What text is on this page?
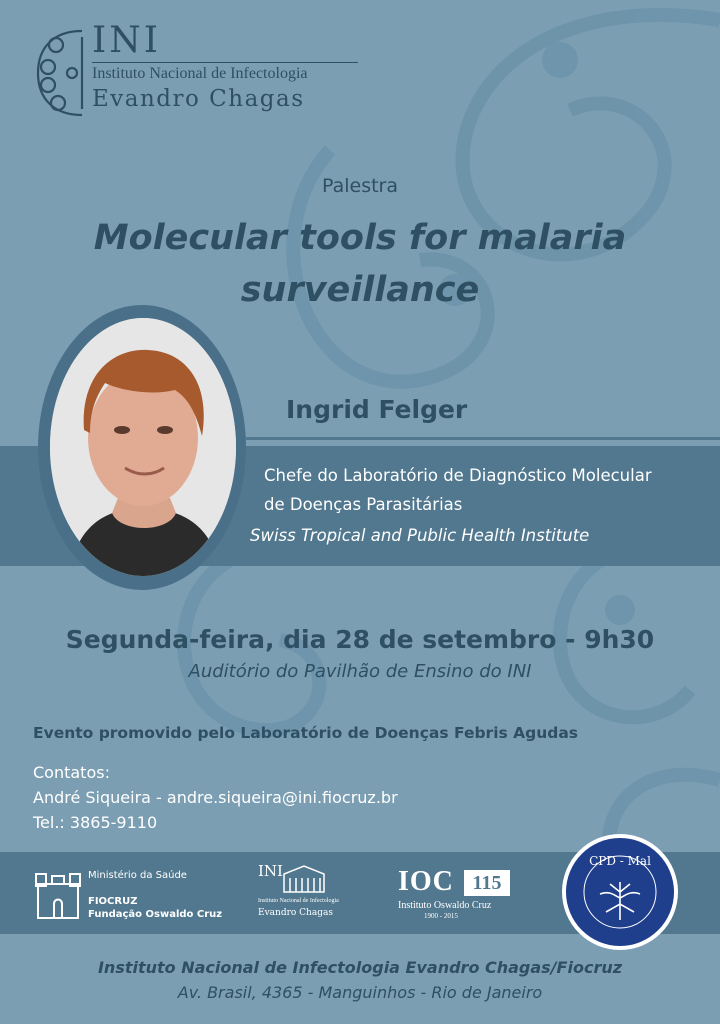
INI
Instituto Nacional de Infectologia
Evandro Chagas
Palestra
Molecular tools for malaria
surveillance
Ingrid Felger
Chefe do Laboratório de Diagnóstico Molecular
de Doenças Parasitárias
Swiss Tropical and Public Health Institute
Segunda-feira, dia 28 de setembro - 9h30
Auditório do Pavilhão de Ensino do INI
Evento promovido pelo Laboratório de Doenças Febris Agudas
Contatos:
André Siqueira - andre.siqueira@ini.fiocruz.br
Tel.: 3865-9110
Ministério da Saúde
FIOCRUZ
Fundação Oswaldo Cruz
INI
Instituto Nacional de Infectologia
Evandro Chagas
IOC 115
Instituto Oswaldo Cruz
1900 - 2015
CPD - Mal
Instituto Nacional de Infectologia Evandro Chagas/Fiocruz
Av. Brasil, 4365 - Manguinhos - Rio de Janeiro
